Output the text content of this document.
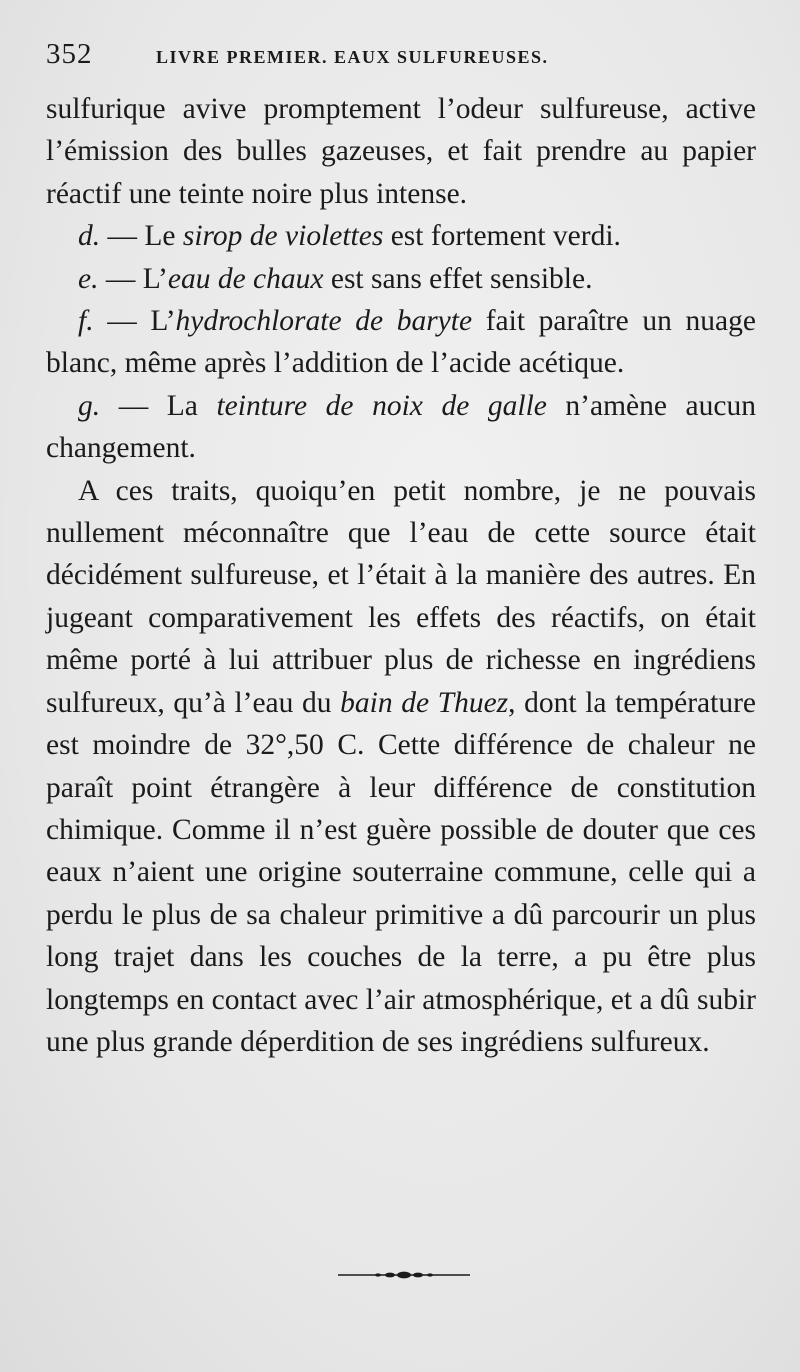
352	LIVRE PREMIER. EAUX SULFUREUSES.

sulfurique avive promptement l’odeur sulfureuse, active l’émission des bulles gazeuses, et fait prendre au papier réactif une teinte noire plus intense.

d. — Le sirop de violettes est fortement verdi.

e. — L’eau de chaux est sans effet sensible.

f. — L’hydrochlorate de baryte fait paraître un nuage blanc, même après l’addition de l’acide acétique.

g. — La teinture de noix de galle n’amène aucun changement.

A ces traits, quoiqu’en petit nombre, je ne pouvais nullement méconnaître que l’eau de cette source était décidément sulfureuse, et l’était à la manière des autres. En jugeant comparativement les effets des réactifs, on était même porté à lui attribuer plus de richesse en ingrédiens sulfureux, qu’à l’eau du bain de Thuez, dont la température est moindre de 32°,50 C. Cette différence de chaleur ne paraît point étrangère à leur différence de constitution chimique. Comme il n’est guère possible de douter que ces eaux n’aient une origine souterraine commune, celle qui a perdu le plus de sa chaleur primitive a dû parcourir un plus long trajet dans les couches de la terre, a pu être plus longtemps en contact avec l’air atmosphérique, et a dû subir une plus grande déperdition de ses ingrédiens sulfureux.
